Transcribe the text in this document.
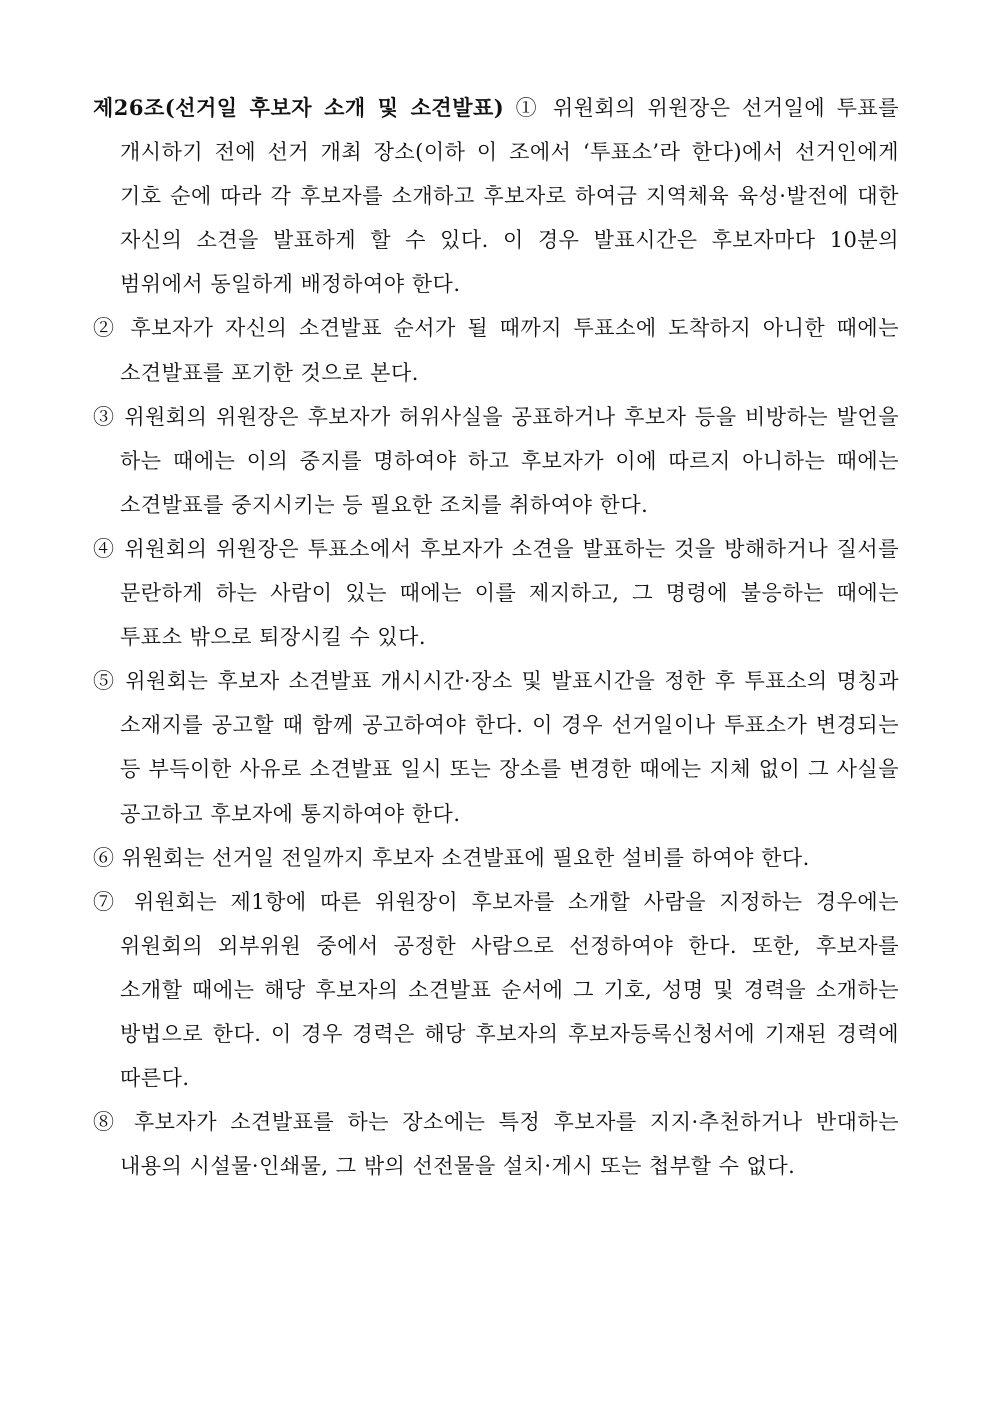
제26조(선거일 후보자 소개 및 소견발표) ① 위원회의 위원장은 선거일에 투표를 개시하기 전에 선거 개최 장소(이하 이 조에서 ‘투표소’라 한다)에서 선거인에게 기호 순에 따라 각 후보자를 소개하고 후보자로 하여금 지역체육 육성·발전에 대한 자신의 소견을 발표하게 할 수 있다. 이 경우 발표시간은 후보자마다 10분의 범위에서 동일하게 배정하여야 한다.

② 후보자가 자신의 소견발표 순서가 될 때까지 투표소에 도착하지 아니한 때에는 소견발표를 포기한 것으로 본다.

③ 위원회의 위원장은 후보자가 허위사실을 공표하거나 후보자 등을 비방하는 발언을 하는 때에는 이의 중지를 명하여야 하고 후보자가 이에 따르지 아니하는 때에는 소견발표를 중지시키는 등 필요한 조치를 취하여야 한다.

④ 위원회의 위원장은 투표소에서 후보자가 소견을 발표하는 것을 방해하거나 질서를 문란하게 하는 사람이 있는 때에는 이를 제지하고, 그 명령에 불응하는 때에는 투표소 밖으로 퇴장시킬 수 있다.

⑤ 위원회는 후보자 소견발표 개시시간·장소 및 발표시간을 정한 후 투표소의 명칭과 소재지를 공고할 때 함께 공고하여야 한다. 이 경우 선거일이나 투표소가 변경되는 등 부득이한 사유로 소견발표 일시 또는 장소를 변경한 때에는 지체 없이 그 사실을 공고하고 후보자에 통지하여야 한다.

⑥ 위원회는 선거일 전일까지 후보자 소견발표에 필요한 설비를 하여야 한다.

⑦ 위원회는 제1항에 따른 위원장이 후보자를 소개할 사람을 지정하는 경우에는 위원회의 외부위원 중에서 공정한 사람으로 선정하여야 한다. 또한, 후보자를 소개할 때에는 해당 후보자의 소견발표 순서에 그 기호, 성명 및 경력을 소개하는 방법으로 한다. 이 경우 경력은 해당 후보자의 후보자등록신청서에 기재된 경력에 따른다.

⑧ 후보자가 소견발표를 하는 장소에는 특정 후보자를 지지·추천하거나 반대하는 내용의 시설물·인쇄물, 그 밖의 선전물을 설치·게시 또는 첩부할 수 없다.
